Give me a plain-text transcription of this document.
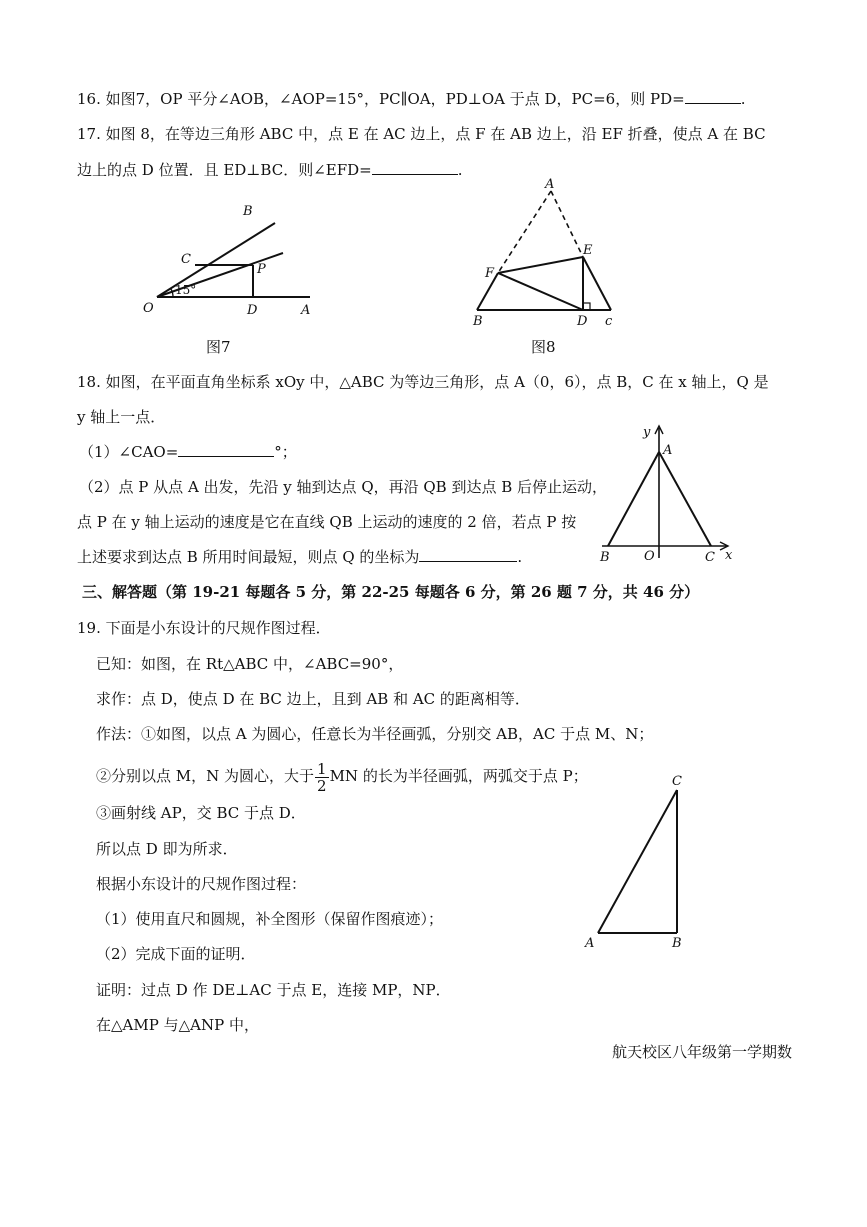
16. 如图7，OP 平分∠AOB，∠AOP=15°，PC∥OA，PD⊥OA 于点 D，PC=6，则 PD=	.
17. 如图 8，在等边三角形 ABC 中，点 E 在 AC 边上，点 F 在 AB 边上，沿 EF 折叠，使点 A 在 BC
边上的点 D 位置．且 ED⊥BC．则∠EFD=	.
B
C
P
O	D	A
15°
图7
A
E
F
B	D c
图8
18. 如图，在平面直角坐标系 xOy 中，△ABC 为等边三角形，点 A（0，6），点 B，C 在 x 轴上，Q 是
y 轴上一点．
（1）∠CAO=	°；
（2）点 P 从点 A 出发，先沿 y 轴到达点 Q，再沿 QB 到达点 B 后停止运动，
点 P 在 y 轴上运动的速度是它在直线 QB 上运动的速度的 2 倍，若点 P 按
上述要求到达点 B 所用时间最短，则点 Q 的坐标为	.
y
A
B	O	C x
三、解答题（第 19-21 每题各 5 分，第 22-25 每题各 6 分，第 26 题 7 分，共 46 分）
19. 下面是小东设计的尺规作图过程．
已知：如图，在 Rt△ABC 中，∠ABC=90°，
求作：点 D，使点 D 在 BC 边上，且到 AB 和 AC 的距离相等．
作法：①如图，以点 A 为圆心，任意长为半径画弧，分别交 AB，AC 于点 M、N；
②分别以点 M，N 为圆心，大于 $\frac{1}{2}$ MN 的长为半径画弧，两弧交于点 P；
③画射线 AP，交 BC 于点 D．
所以点 D 即为所求．
根据小东设计的尺规作图过程：
（1）使用直尺和圆规，补全图形（保留作图痕迹）；
（2）完成下面的证明．
证明：过点 D 作 DE⊥AC 于点 E，连接 MP，NP．
在△AMP 与△ANP 中，
C
A	B
航天校区八年级第一学期数
